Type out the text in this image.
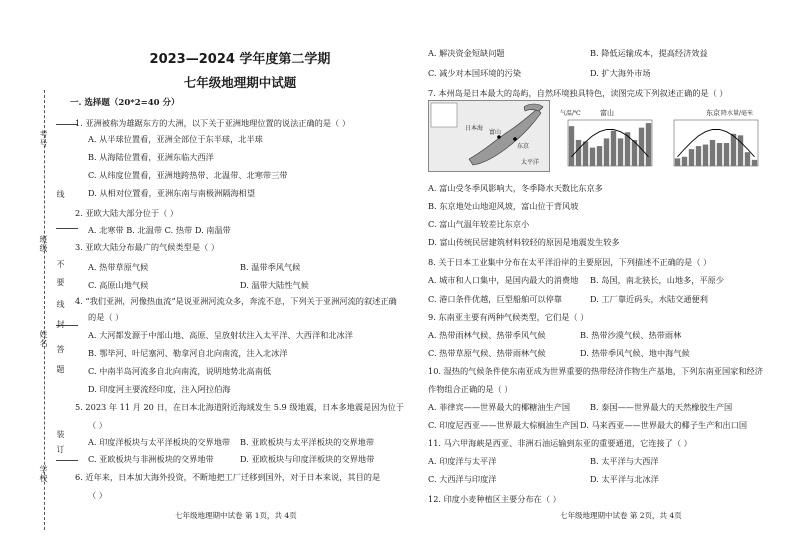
考号
班级
姓名
学校
线
不
要
封
线
答
题
装
订
2023—2024 学年度第二学期
七年级地理期中试题
一. 选择题（20*2=40 分）
1. 亚洲被称为雄踞东方的大洲，以下关于亚洲地理位置的说法正确的是（ ）
A. 从半球位置看，亚洲全部位于东半球，北半球
B. 从海陆位置看，亚洲东临大西洋
C. 从纬度位置看，亚洲地跨热带、北温带、北寒带三带
D. 从相对位置看，亚洲东南与南极洲隔海相望
2. 亚欧大陆大部分位于（ ）
A. 北寒带 B. 北温带 C. 热带 D. 南温带
3. 亚欧大陆分布最广的气候类型是（ ）
A. 热带草原气候	B. 温带季风气候
C. 高原山地气候	D. 温带大陆性气候
4. “我们亚洲，河像热血流”是说亚洲河流众多，奔流不息，下列关于亚洲河流的叙述正确
的是（ ）
A. 大河都发源于中部山地、高原、呈放射状注入太平洋、大西洋和北冰洋
B. 鄂毕河、叶尼塞河、勒拿河自北向南流，注入北冰洋
C. 中南半岛河流多自北向南流，说明地势北高南低
D. 印度河主要流经印度，注入阿拉伯海
5. 2023 年 11 月 20 日，在日本北海道附近海域发生 5.9 级地震，日本多地震是因为位于
（ ）
A. 印度洋板块与太平洋板块的交界地带 B. 亚欧板块与太平洋板块的交界地带
C. 亚欧板块与非洲板块的交界地带	D. 亚欧板块与印度洋板块的交界地带
6. 近年来，日本加大海外投资，不断地把工厂迁移到国外，对于日本来说，其目的是
（ ）
七年级地理期中试卷 第 1页，共 4页
A. 解决资金短缺问题	B. 降低运输成本，提高经济效益
C. 减少对本国环境的污染	D. 扩大海外市场
7. 本州岛是日本最大的岛屿，自然环境独具特色，读图完成下列叙述正确的是（ ）
A. 富山受冬季风影响大，冬季降水天数比东京多
B. 东京地处山地迎风坡，富山位于背风坡
C. 富山气温年较差比东京小
D. 富山传统民居建筑材料较轻的原因是地震发生较多
8. 关于日本工业集中分布在太平洋沿岸的主要原因，下列描述不正确的是（ ）
A. 城市和人口集中，是国内最大的消费地 B. 岛国，南北狭长，山地多，平原少
C. 港口条件优越，巨型船舶可以停靠	D. 工厂靠近码头，水陆交通便利
9. 东南亚主要有两种气候类型，它们是（ ）
A. 热带雨林气候、热带季风气候	B. 热带沙漠气候、热带雨林
C. 热带草原气候、热带雨林气候	D. 热带季风气候、地中海气候
10. 湿热的气候条件使东南亚成为世界重要的热带经济作物生产基地，下列东南亚国家和经济
作物组合正确的是（ ）
A. 菲律宾——世界最大的椰糖油生产国 B. 泰国——世界最大的天然橡胶生产国
C. 印度尼西亚——世界最大棕榈油生产国 D. 马来西亚——世界最大的椰子生产和出口国
11. 马六甲海峡是西亚、非洲石油运输到东亚的重要通道，它连接了（ ）
A. 印度洋与太平洋	B. 太平洋与大西洋
C. 大西洋与印度洋	D. 太平洋与北冰洋
12. 印度小麦种植区主要分布在（ ）
东京
富山
日本海
太平洋
富山
气温/℃	东京 降水量/毫米
七年级地理期中试卷 第 2页，共 4页
